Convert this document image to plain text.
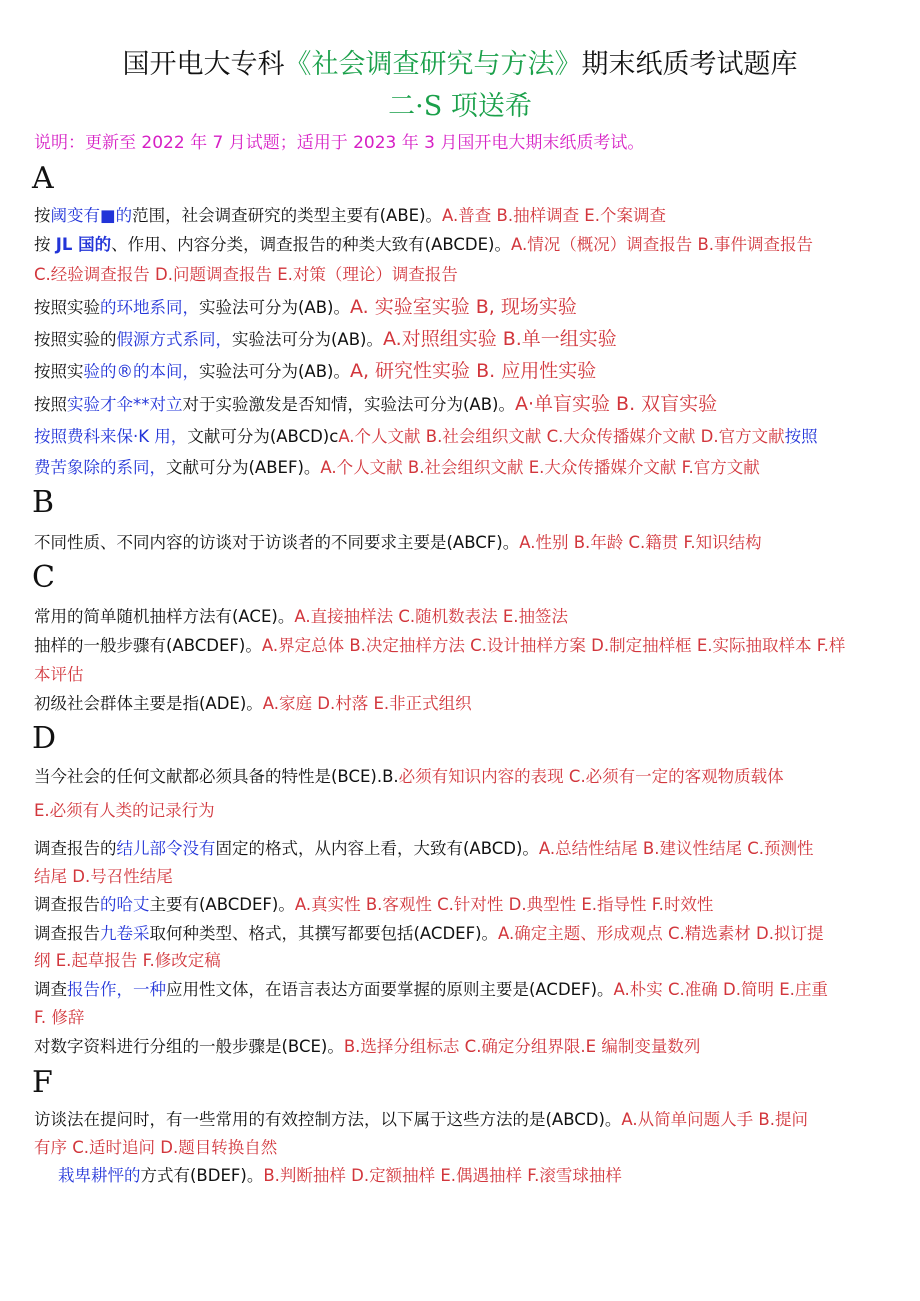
国开电大专科《社会调查研究与方法》期末纸质考试题库
二·S 项送希
说明：更新至 2022 年 7 月试题；适用于 2023 年 3 月国开电大期末纸质考试。
A
按阈变有■的范围，社会调查研究的类型主要有(ABE)。A.普查 B.抽样调查 E.个案调查
按 JL 国的、作用、内容分类，调查报告的种类大致有(ABCDE)。A.情况（概况）调查报告 B.事件调查报告
C.经验调查报告 D.问题调查报告 E.对策（理论）调查报告
按照实验的环地系同，实验法可分为(AB)。A. 实验室实验 B, 现场实验
按照实验的假源方式系同，实验法可分为(AB)。A.对照组实验 B.单一组实验
按照实验的®的本间，实验法可分为(AB)。A, 研究性实验 B. 应用性实验
按照实验才伞**对立对于实验激发是否知情，实验法可分为(AB)。A·单盲实验 B. 双盲实验
按照费科来保·K 用，文献可分为(ABCD)cA.个人文献 B.社会组织文献 C.大众传播媒介文献 D.官方文献按照
费苦象除的系同，文献可分为(ABEF)。A.个人文献 B.社会组织文献 E.大众传播媒介文献 F.官方文献
B
不同性质、不同内容的访谈对于访谈者的不同要求主要是(ABCF)。A.性别 B.年龄 C.籍贯 F.知识结构
C
常用的简单随机抽样方法有(ACE)。A.直接抽样法 C.随机数表法 E.抽签法
抽样的一般步骤有(ABCDEF)。A.界定总体 B.决定抽样方法 C.设计抽样方案 D.制定抽样框 E.实际抽取样本 F.样
本评估
初级社会群体主要是指(ADE)。A.家庭 D.村落 E.非正式组织
D
当今社会的任何文献都必须具备的特性是(BCE).B.必须有知识内容的表现 C.必须有一定的客观物质载体
E.必须有人类的记录行为
调查报告的结儿部令没有固定的格式，从内容上看，大致有(ABCD)。A.总结性结尾 B.建议性结尾 C.预测性
结尾 D.号召性结尾
调查报告的哈丈主要有(ABCDEF)。A.真实性 B.客观性 C.针对性 D.典型性 E.指导性 F.时效性
调查报告九卷采取何种类型、格式，其撰写都要包括(ACDEF)。A.确定主题、形成观点 C.精选素材 D.拟订提
纲 E.起草报告 F.修改定稿
调查报告作，一种应用性文体，在语言表达方面要掌握的原则主要是(ACDEF)。A.朴实 C.准确 D.简明 E.庄重
F. 修辞
对数字资料进行分组的一般步骤是(BCE)。B.选择分组标志 C.确定分组界限.E 编制变量数列
F
访谈法在提问时，有一些常用的有效控制方法，以下属于这些方法的是(ABCD)。A.从简单问题人手 B.提问
有序 C.适时追问 D.题目转换自然
栽卑耕怦的方式有(BDEF)。B.判断抽样 D.定额抽样 E.偶遇抽样 F.滚雪球抽样
